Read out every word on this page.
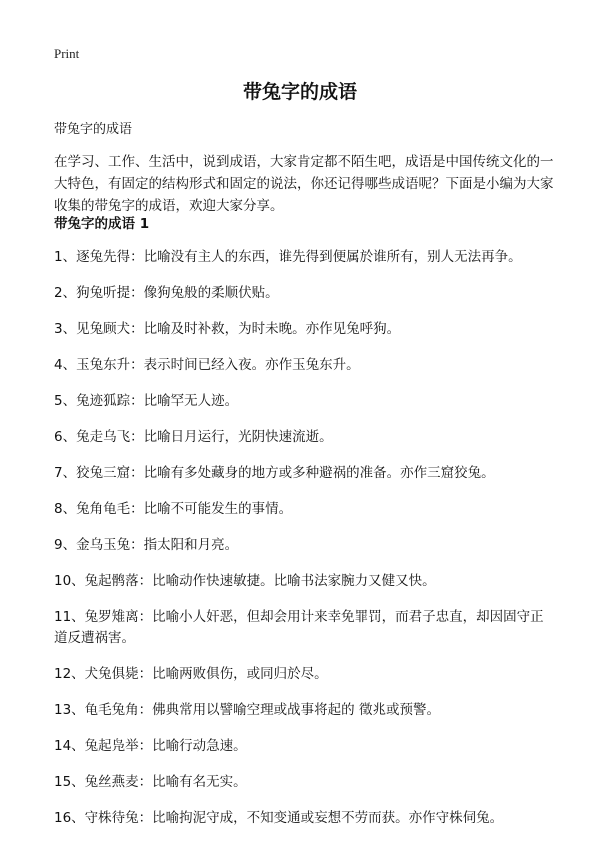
Print
带兔字的成语
带兔字的成语
在学习、工作、生活中，说到成语，大家肯定都不陌生吧，成语是中国传统文化的一大特色，有固定的结构形式和固定的说法，你还记得哪些成语呢？下面是小编为大家收集的带兔字的成语，欢迎大家分享。
带兔字的成语 1
1、逐兔先得：比喻没有主人的东西，谁先得到便属於谁所有，别人无法再争。
2、狗兔听提：像狗兔般的柔顺伏贴。
3、见兔顾犬：比喻及时补救，为时未晚。亦作见兔呼狗。
4、玉兔东升：表示时间已经入夜。亦作玉兔东升。
5、兔迹狐踪：比喻罕无人迹。
6、兔走乌飞：比喻日月运行，光阴快速流逝。
7、狡兔三窟：比喻有多处藏身的地方或多种避祸的准备。亦作三窟狡兔。
8、兔角龟毛：比喻不可能发生的事情。
9、金乌玉兔：指太阳和月亮。
10、兔起鹘落：比喻动作快速敏捷。比喻书法家腕力又健又快。
11、兔罗雉离：比喻小人奸恶，但却会用计来幸免罪罚，而君子忠直，却因固守正道反遭祸害。
12、犬兔俱毙：比喻两败俱伤，或同归於尽。
13、龟毛兔角：佛典常用以譬喻空理或战事将起的 徵兆或预警。
14、兔起凫举：比喻行动急速。
15、兔丝燕麦：比喻有名无实。
16、守株待兔：比喻拘泥守成，不知变通或妄想不劳而获。亦作守株伺兔。
